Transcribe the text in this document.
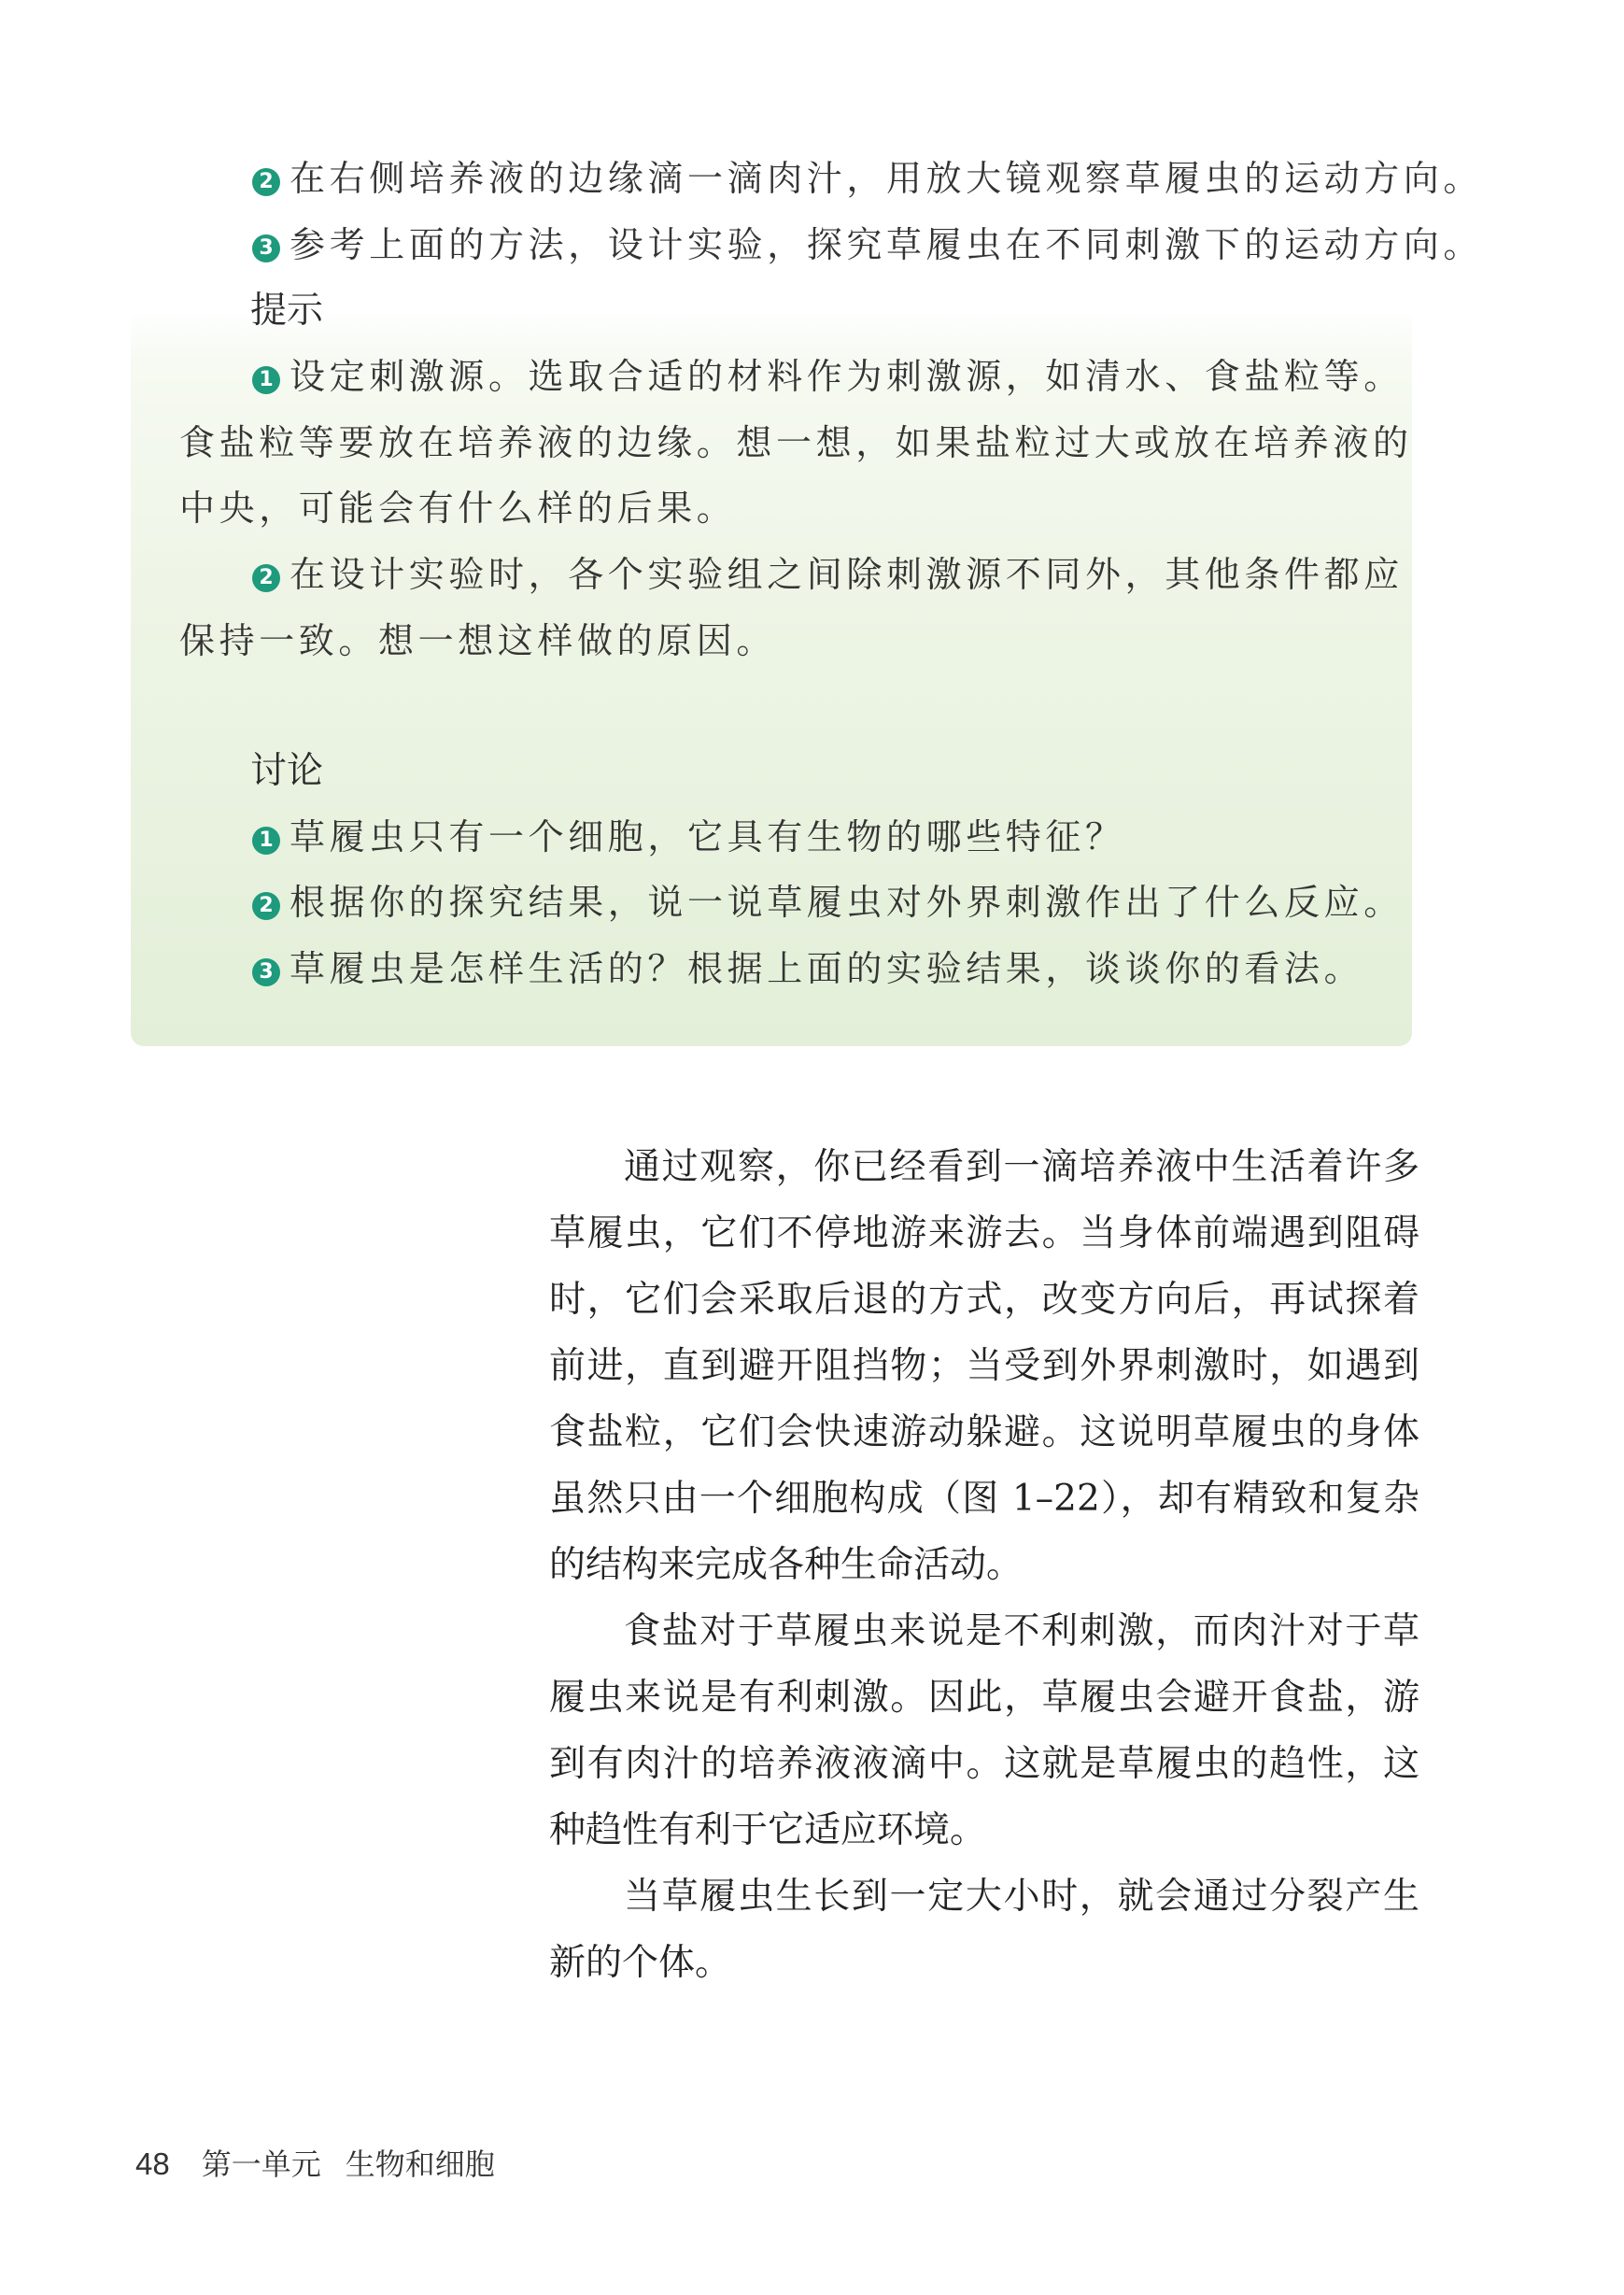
2 在右侧培养液的边缘滴一滴肉汁，用放大镜观察草履虫的运动方向。
3 参考上面的方法，设计实验，探究草履虫在不同刺激下的运动方向。
提示
1 设定刺激源。选取合适的材料作为刺激源，如清水、食盐粒等。
食盐粒等要放在培养液的边缘。想一想，如果盐粒过大或放在培养液的
中央，可能会有什么样的后果。
2 在设计实验时，各个实验组之间除刺激源不同外，其他条件都应
保持一致。想一想这样做的原因。
讨论
1 草履虫只有一个细胞，它具有生物的哪些特征？
2 根据你的探究结果，说一说草履虫对外界刺激作出了什么反应。
3 草履虫是怎样生活的？根据上面的实验结果，谈谈你的看法。
通过观察，你已经看到一滴培养液中生活着许多
草履虫，它们不停地游来游去。当身体前端遇到阻碍
时，它们会采取后退的方式，改变方向后，再试探着
前进，直到避开阻挡物；当受到外界刺激时，如遇到
食盐粒，它们会快速游动躲避。这说明草履虫的身体
虽然只由一个细胞构成（图 1–22），却有精致和复杂
的结构来完成各种生命活动。
食盐对于草履虫来说是不利刺激，而肉汁对于草
履虫来说是有利刺激。因此，草履虫会避开食盐，游
到有肉汁的培养液液滴中。这就是草履虫的趋性，这
种趋性有利于它适应环境。
当草履虫生长到一定大小时，就会通过分裂产生
新的个体。
48 第一单元 生物和细胞
